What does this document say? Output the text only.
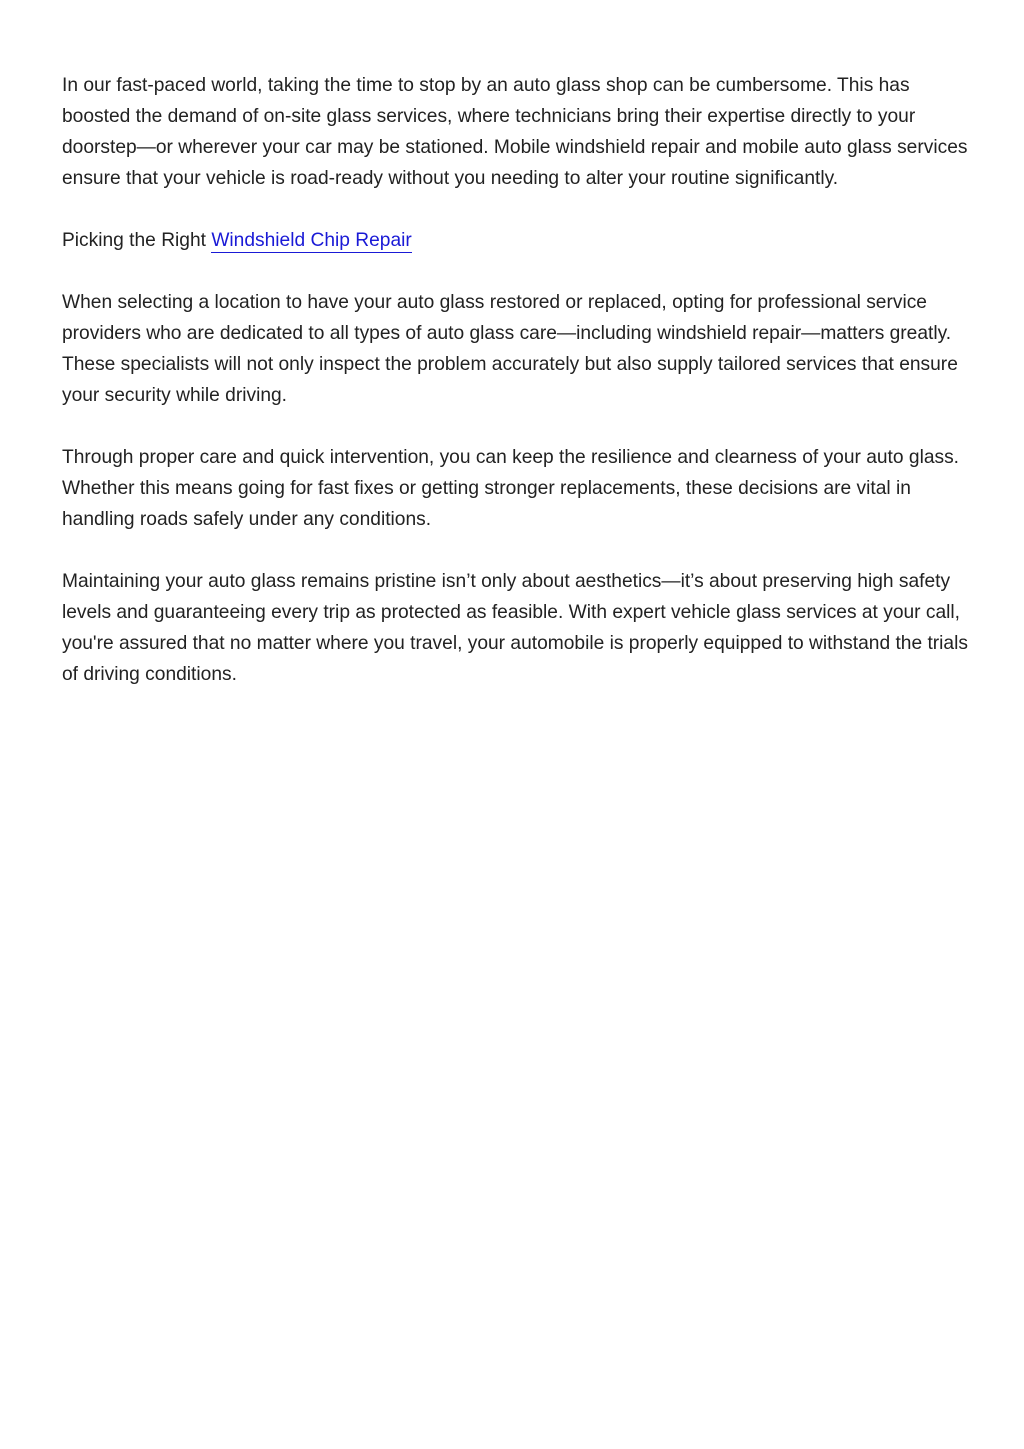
In our fast-paced world, taking the time to stop by an auto glass shop can be cumbersome. This has boosted the demand of on-site glass services, where technicians bring their expertise directly to your doorstep—or wherever your car may be stationed. Mobile windshield repair and mobile auto glass services ensure that your vehicle is road-ready without you needing to alter your routine significantly.

Picking the Right Windshield Chip Repair

When selecting a location to have your auto glass restored or replaced, opting for professional service providers who are dedicated to all types of auto glass care—including windshield repair—matters greatly. These specialists will not only inspect the problem accurately but also supply tailored services that ensure your security while driving.

Through proper care and quick intervention, you can keep the resilience and clearness of your auto glass. Whether this means going for fast fixes or getting stronger replacements, these decisions are vital in handling roads safely under any conditions.

Maintaining your auto glass remains pristine isn’t only about aesthetics—it’s about preserving high safety levels and guaranteeing every trip as protected as feasible. With expert vehicle glass services at your call, you're assured that no matter where you travel, your automobile is properly equipped to withstand the trials of driving conditions.
